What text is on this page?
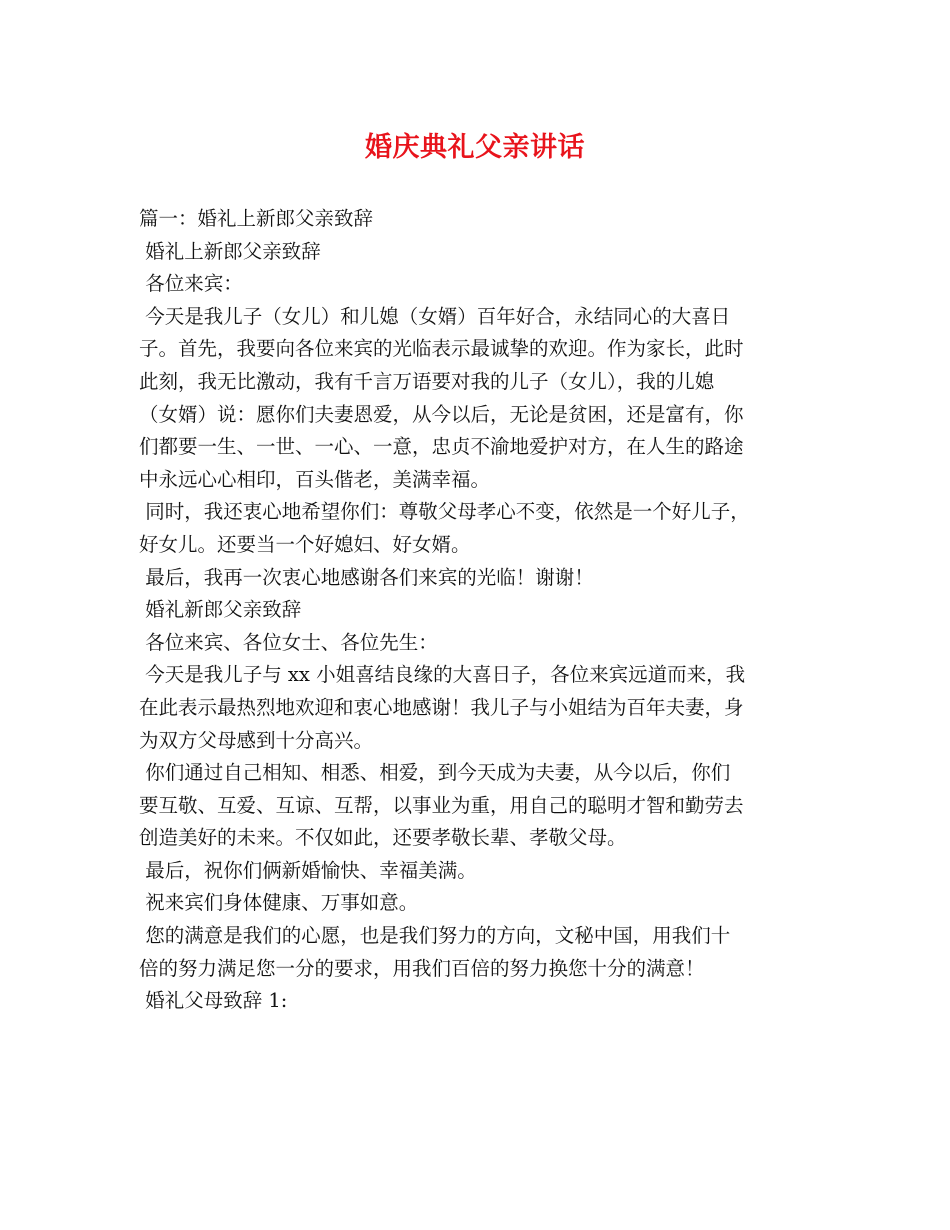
婚庆典礼父亲讲话
篇一：婚礼上新郎父亲致辞
婚礼上新郎父亲致辞
各位来宾：
今天是我儿子（女儿）和儿媳（女婿）百年好合，永结同心的大喜日
子。首先，我要向各位来宾的光临表示最诚挚的欢迎。作为家长，此时
此刻，我无比激动，我有千言万语要对我的儿子（女儿），我的儿媳
（女婿）说：愿你们夫妻恩爱，从今以后，无论是贫困，还是富有，你
们都要一生、一世、一心、一意，忠贞不渝地爱护对方，在人生的路途
中永远心心相印，百头偕老，美满幸福。
同时，我还衷心地希望你们：尊敬父母孝心不变，依然是一个好儿子，
好女儿。还要当一个好媳妇、好女婿。
最后，我再一次衷心地感谢各们来宾的光临！谢谢！
婚礼新郎父亲致辞
各位来宾、各位女士、各位先生：
今天是我儿子与 xx 小姐喜结良缘的大喜日子，各位来宾远道而来，我
在此表示最热烈地欢迎和衷心地感谢！我儿子与小姐结为百年夫妻，身
为双方父母感到十分高兴。
你们通过自己相知、相悉、相爱，到今天成为夫妻，从今以后，你们
要互敬、互爱、互谅、互帮，以事业为重，用自己的聪明才智和勤劳去
创造美好的未来。不仅如此，还要孝敬长辈、孝敬父母。
最后，祝你们俩新婚愉快、幸福美满。
祝来宾们身体健康、万事如意。
您的满意是我们的心愿，也是我们努力的方向，文秘中国，用我们十
倍的努力满足您一分的要求，用我们百倍的努力换您十分的满意！
婚礼父母致辞 1:
